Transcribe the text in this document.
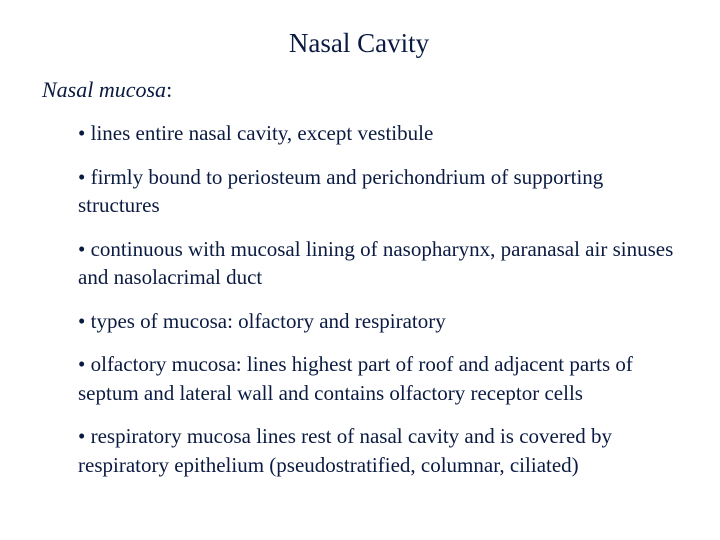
Nasal Cavity
Nasal mucosa:
• lines entire nasal cavity, except vestibule
• firmly bound to periosteum and perichondrium of supporting structures
• continuous with mucosal lining of nasopharynx, paranasal air sinuses and nasolacrimal duct
• types of mucosa: olfactory and respiratory
• olfactory mucosa: lines highest part of roof and adjacent parts of septum and lateral wall and contains olfactory receptor cells
• respiratory mucosa lines rest of nasal cavity and is covered by respiratory epithelium (pseudostratified, columnar, ciliated)
